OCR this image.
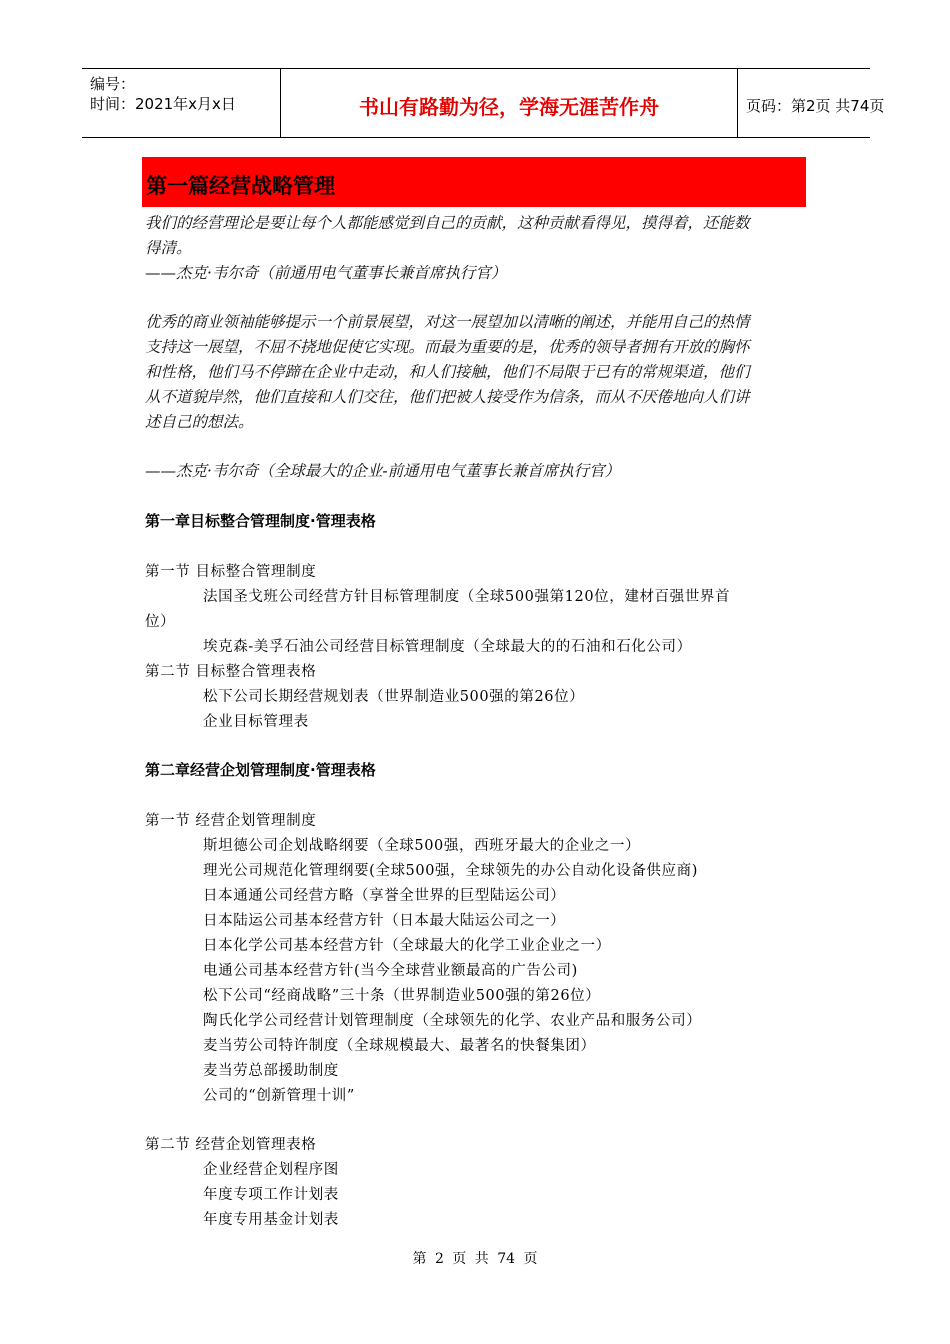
编号：
时间：2021年x月x日	书山有路勤为径，学海无涯苦作舟	页码：第2页 共74页
第一篇经营战略管理
我们的经营理论是要让每个人都能感觉到自己的贡献，这种贡献看得见，摸得着，还能数
得清。
——杰克·韦尔奇（前通用电气董事长兼首席执行官）
优秀的商业领袖能够提示一个前景展望，对这一展望加以清晰的阐述，并能用自己的热情
支持这一展望，不屈不挠地促使它实现。而最为重要的是，优秀的领导者拥有开放的胸怀
和性格，他们马不停蹄在企业中走动，和人们接触，他们不局限于已有的常规渠道，他们
从不道貌岸然，他们直接和人们交往，他们把被人接受作为信条，而从不厌倦地向人们讲
述自己的想法。
——杰克·韦尔奇（全球最大的企业-前通用电气董事长兼首席执行官）
第一章目标整合管理制度·管理表格
第一节 目标整合管理制度
法国圣戈班公司经营方针目标管理制度（全球500强第120位，建材百强世界首
位）
埃克森-美孚石油公司经营目标管理制度（全球最大的的石油和石化公司）
第二节 目标整合管理表格
松下公司长期经营规划表（世界制造业500强的第26位）
企业目标管理表
第二章经营企划管理制度·管理表格
第一节 经营企划管理制度
斯坦德公司企划战略纲要（全球500强，西班牙最大的企业之一）
理光公司规范化管理纲要(全球500强，全球领先的办公自动化设备供应商)
日本通通公司经营方略（享誉全世界的巨型陆运公司）
日本陆运公司基本经营方针（日本最大陆运公司之一）
日本化学公司基本经营方针（全球最大的化学工业企业之一）
电通公司基本经营方针(当今全球营业额最高的广告公司)
松下公司“经商战略”三十条（世界制造业500强的第26位）
陶氏化学公司经营计划管理制度（全球领先的化学、农业产品和服务公司）
麦当劳公司特许制度（全球规模最大、最著名的快餐集团）
麦当劳总部援助制度
公司的“创新管理十训”
第二节 经营企划管理表格
企业经营企划程序图
年度专项工作计划表
年度专用基金计划表
第 2 页 共 74 页
